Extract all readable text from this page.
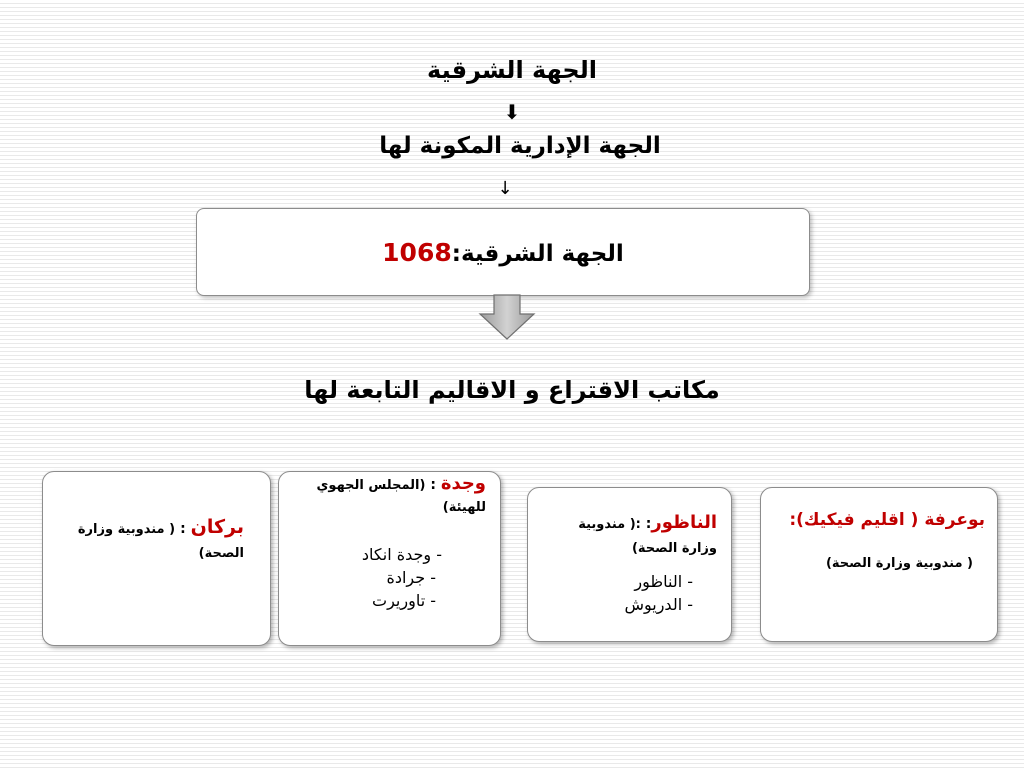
الجهة الشرقية
⬇
الجهة الإدارية المكونة لها
↓
الجهة الشرقية:1068
مكاتب الاقتراع و الاقاليم التابعة لها
بركان : ( مندوبية وزارة الصحة)
وجدة : (المجلس الجهوي للهيئة)
- وجدة انكاد
- جرادة
- تاوريرت
الناظور: :( مندوبية وزارة الصحة)
- الناظور
- الدريوش
بوعرفة ( اقليم فيكيك):
( مندوبية وزارة الصحة)
